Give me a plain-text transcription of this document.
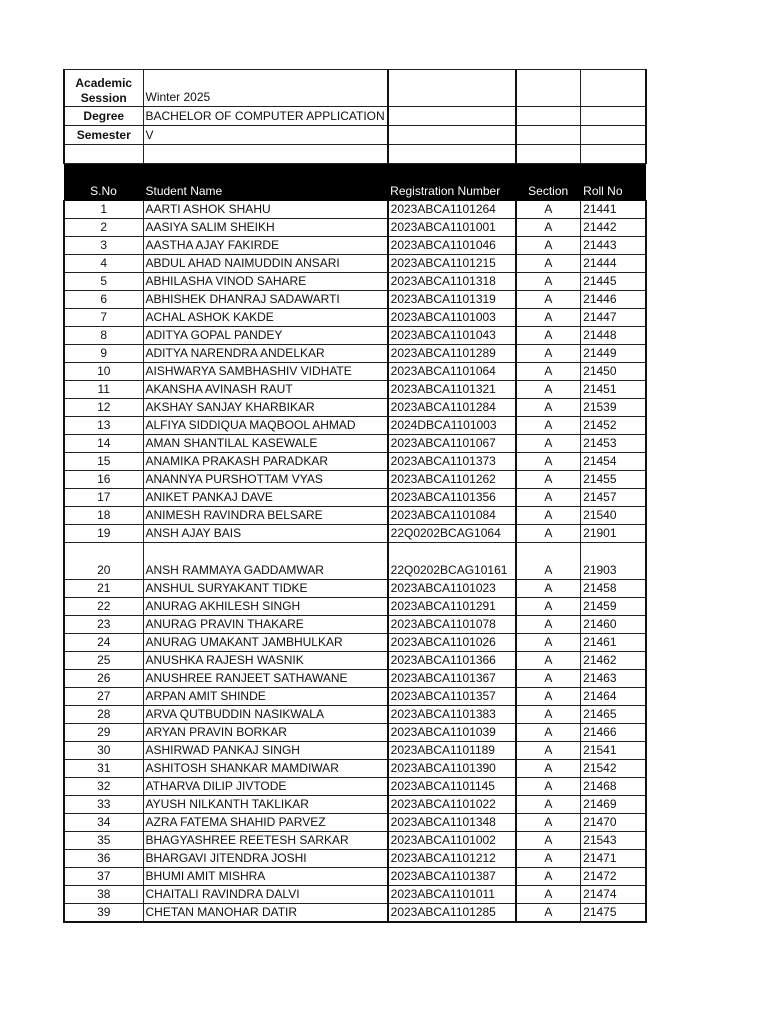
Academic Session	Winter 2025			
Degree	BACHELOR OF COMPUTER APPLICATION			
Semester	V			

S.No	Student Name	Registration Number	Section	Roll No
1	AARTI ASHOK SHAHU	2023ABCA1101264	A	21441
2	AASIYA SALIM SHEIKH	2023ABCA1101001	A	21442
3	AASTHA AJAY FAKIRDE	2023ABCA1101046	A	21443
4	ABDUL AHAD NAIMUDDIN ANSARI	2023ABCA1101215	A	21444
5	ABHILASHA VINOD SAHARE	2023ABCA1101318	A	21445
6	ABHISHEK DHANRAJ SADAWARTI	2023ABCA1101319	A	21446
7	ACHAL ASHOK KAKDE	2023ABCA1101003	A	21447
8	ADITYA GOPAL PANDEY	2023ABCA1101043	A	21448
9	ADITYA NARENDRA ANDELKAR	2023ABCA1101289	A	21449
10	AISHWARYA SAMBHASHIV VIDHATE	2023ABCA1101064	A	21450
11	AKANSHA AVINASH RAUT	2023ABCA1101321	A	21451
12	AKSHAY SANJAY KHARBIKAR	2023ABCA1101284	A	21539
13	ALFIYA SIDDIQUA MAQBOOL AHMAD	2024DBCA1101003	A	21452
14	AMAN SHANTILAL KASEWALE	2023ABCA1101067	A	21453
15	ANAMIKA PRAKASH PARADKAR	2023ABCA1101373	A	21454
16	ANANNYA PURSHOTTAM VYAS	2023ABCA1101262	A	21455
17	ANIKET PANKAJ DAVE	2023ABCA1101356	A	21457
18	ANIMESH RAVINDRA BELSARE	2023ABCA1101084	A	21540
19	ANSH AJAY BAIS	22Q0202BCAG1064	A	21901
20	ANSH RAMMAYA GADDAMWAR	22Q0202BCAG10161	A	21903
21	ANSHUL SURYAKANT TIDKE	2023ABCA1101023	A	21458
22	ANURAG AKHILESH SINGH	2023ABCA1101291	A	21459
23	ANURAG PRAVIN THAKARE	2023ABCA1101078	A	21460
24	ANURAG UMAKANT JAMBHULKAR	2023ABCA1101026	A	21461
25	ANUSHKA RAJESH WASNIK	2023ABCA1101366	A	21462
26	ANUSHREE RANJEET SATHAWANE	2023ABCA1101367	A	21463
27	ARPAN AMIT SHINDE	2023ABCA1101357	A	21464
28	ARVA QUTBUDDIN NASIKWALA	2023ABCA1101383	A	21465
29	ARYAN PRAVIN BORKAR	2023ABCA1101039	A	21466
30	ASHIRWAD PANKAJ SINGH	2023ABCA1101189	A	21541
31	ASHITOSH SHANKAR MAMDIWAR	2023ABCA1101390	A	21542
32	ATHARVA DILIP JIVTODE	2023ABCA1101145	A	21468
33	AYUSH NILKANTH TAKLIKAR	2023ABCA1101022	A	21469
34	AZRA FATEMA SHAHID PARVEZ	2023ABCA1101348	A	21470
35	BHAGYASHREE REETESH SARKAR	2023ABCA1101002	A	21543
36	BHARGAVI JITENDRA JOSHI	2023ABCA1101212	A	21471
37	BHUMI AMIT MISHRA	2023ABCA1101387	A	21472
38	CHAITALI RAVINDRA DALVI	2023ABCA1101011	A	21474
39	CHETAN MANOHAR DATIR	2023ABCA1101285	A	21475
